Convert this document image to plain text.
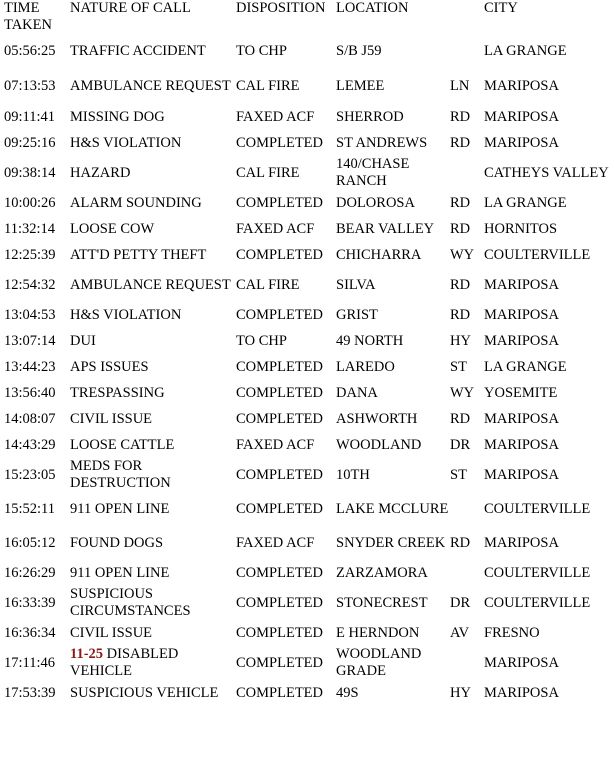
TIME TAKEN	NATURE OF CALL	DISPOSITION	LOCATION		CITY
05:56:25	TRAFFIC ACCIDENT	TO CHP	S/B J59		LA GRANGE
07:13:53	AMBULANCE REQUEST	CAL FIRE	LEMEE	LN	MARIPOSA
09:11:41	MISSING DOG	FAXED ACF	SHERROD	RD	MARIPOSA
09:25:16	H&S VIOLATION	COMPLETED	ST ANDREWS	RD	MARIPOSA
09:38:14	HAZARD	CAL FIRE	140/CHASE RANCH		CATHEYS VALLEY
10:00:26	ALARM SOUNDING	COMPLETED	DOLOROSA	RD	LA GRANGE
11:32:14	LOOSE COW	FAXED ACF	BEAR VALLEY	RD	HORNITOS
12:25:39	ATT'D PETTY THEFT	COMPLETED	CHICHARRA	WY	COULTERVILLE
12:54:32	AMBULANCE REQUEST	CAL FIRE	SILVA	RD	MARIPOSA
13:04:53	H&S VIOLATION	COMPLETED	GRIST	RD	MARIPOSA
13:07:14	DUI	TO CHP	49 NORTH	HY	MARIPOSA
13:44:23	APS ISSUES	COMPLETED	LAREDO	ST	LA GRANGE
13:56:40	TRESPASSING	COMPLETED	DANA	WY	YOSEMITE
14:08:07	CIVIL ISSUE	COMPLETED	ASHWORTH	RD	MARIPOSA
14:43:29	LOOSE CATTLE	FAXED ACF	WOODLAND	DR	MARIPOSA
15:23:05	MEDS FOR DESTRUCTION	COMPLETED	10TH	ST	MARIPOSA
15:52:11	911 OPEN LINE	COMPLETED	LAKE MCCLURE		COULTERVILLE
16:05:12	FOUND DOGS	FAXED ACF	SNYDER CREEK	RD	MARIPOSA
16:26:29	911 OPEN LINE	COMPLETED	ZARZAMORA		COULTERVILLE
16:33:39	SUSPICIOUS CIRCUMSTANCES	COMPLETED	STONECREST	DR	COULTERVILLE
16:36:34	CIVIL ISSUE	COMPLETED	E HERNDON	AV	FRESNO
17:11:46	11-25 DISABLED VEHICLE	COMPLETED	WOODLAND GRADE		MARIPOSA
17:53:39	SUSPICIOUS VEHICLE	COMPLETED	49S	HY	MARIPOSA
